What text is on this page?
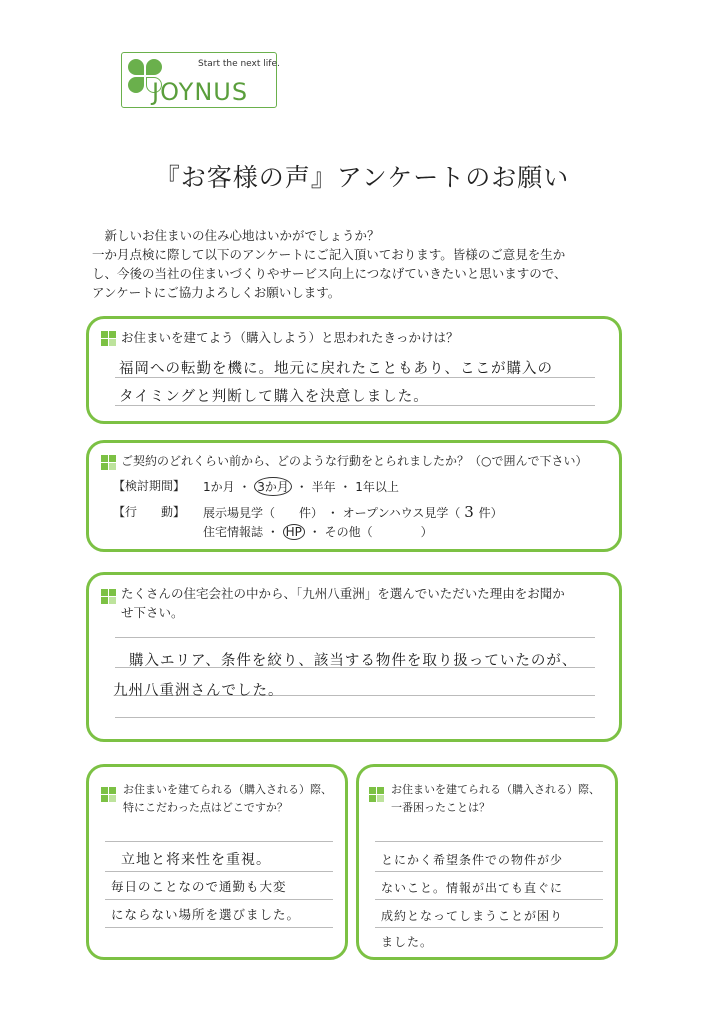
Start the next life.
JOYNUS
『お客様の声』アンケートのお願い

　新しいお住まいの住み心地はいかがでしょうか？

一か月点検に際して以下のアンケートにご記入頂いております。皆様のご意見を生か

し、今後の当社の住まいづくりやサービス向上につなげていきたいと思いますので、

アンケートにご協力よろしくお願いします。

お住まいを建てよう（購入しよう）と思われたきっかけは？
福岡への転勤を機に。地元に戻れたこともあり、ここが購入の
タイミングと判断して購入を決意しました。
ご契約のどれくらい前から、どのような行動をとられましたか？（○で囲んで下さい）
【検討期間】 1か月 ・ 3か月 ・ 半年 ・ 1年以上
【行　　動】 展示場見学（　　件） ・ オープンハウス見学（ 3 件）
住宅情報誌 ・ HP ・ その他（　　　　）
たくさんの住宅会社の中から、「九州八重洲」を選んでいただいた理由をお聞か
せ下さい。
購入エリア、条件を絞り、該当する物件を取り扱っていたのが、
九州八重洲さんでした。
お住まいを建てられる（購入される）際、
特にこだわった点はどこですか？
立地と将来性を重視。
毎日のことなので通勤も大変
にならない場所を選びました。
お住まいを建てられる（購入される）際、
一番困ったことは？
とにかく希望条件での物件が少
ないこと。情報が出ても直ぐに
成約となってしまうことが困り
ました。
